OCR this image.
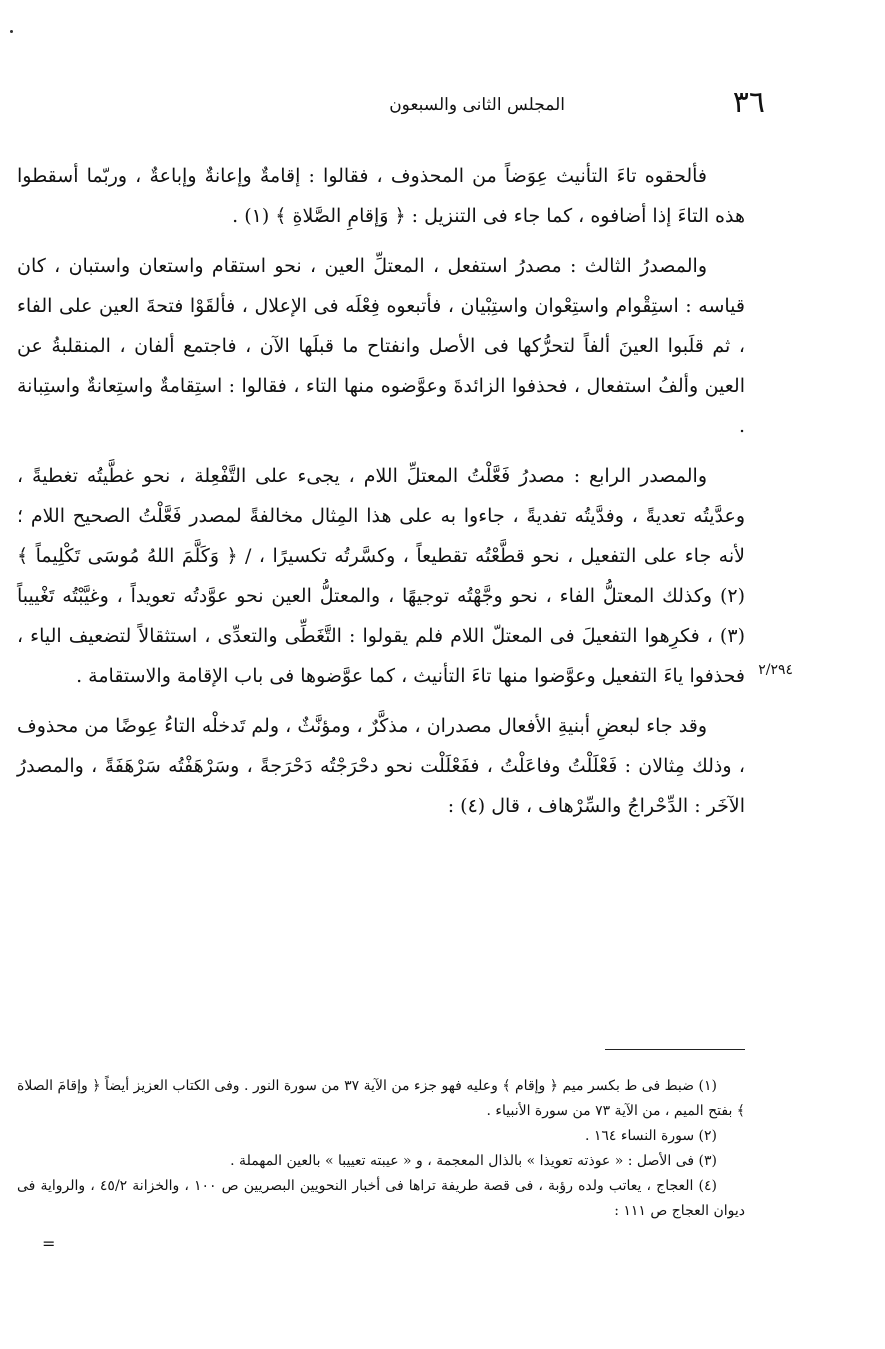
٣٦
المجلس الثانى والسبعون

فألحقوه تاءَ التأنيث عِوَضاً من المحذوف ، فقالوا : إقامةٌ وإعانةٌ وإباعةٌ ، وربّما أسقطوا هذه التاءَ إذا أضافوه ، كما جاء فى التنزيل : ﴿ وَإقامِ الصَّلاةِ ﴾ (١) .

والمصدرُ الثالث : مصدرُ استفعل ، المعتلِّ العين ، نحو استقام واستعان واستبان ، كان قياسه : استِقْوام واستِعْوان واستِبْيان ، فأتبعوه فِعْلَه فى الإعلال ، فألقَوْا فتحةَ العين على الفاء ، ثم قلَبوا العينَ ألفاً لتحرُّكها فى الأصل وانفتاح ما قبلَها الآن ، فاجتمع ألفان ، المنقلبةُ عن العين وألفُ استفعال ، فحذفوا الزائدةَ وعوَّضوه منها التاء ، فقالوا : استِقامةٌ واستِعانةٌ واستِبانة .

والمصدر الرابع : مصدرُ فَعَّلْتُ المعتلِّ اللام ، يجىء على التَّفْعِلة ، نحو غطَّيتُه تغطيةً ، وعدَّيتُه تعديةً ، وفدَّيتُه تفديةً ، جاءوا به على هذا المِثال مخالفةً لمصدر فَعَّلْتُ الصحيح اللام ؛ لأنه جاء على التفعيل ، نحو قطَّعْتُه تقطيعاً ، وكسَّرتُه تكسيرًا ، / ﴿ وَكَلَّمَ اللهُ مُوسَى تَكْلِيماً ﴾ (٢) وكذلك المعتلُّ الفاء ، نحو وجَّهْتُه توجيهًا ، والمعتلُّ العين نحو عوَّدتُه تعويداً ، وغيَّبْتُه تَغْييباً (٣) ، فكرِهوا التفعيلَ فى المعتلّ اللام فلم يقولوا : التَّغَطِّى والتعدِّى ، استثقالاً لتضعيف الياء ، فحذفوا ياءَ التفعيل وعوَّضوا منها تاءَ التأنيث ، كما عوَّضوها فى باب الإقامة والاستقامة .

وقد جاء لبعضِ أبنيةِ الأفعال مصدران ، مذكَّرٌ ، ومؤنَّثٌ ، ولم تَدخلْه التاءُ عِوضًا من محذوف ، وذلك مِثالان : فَعْلَلْتُ وفاعَلْتُ ، ففَعْلَلْت نحو دحْرَجْتُه دَحْرَجةً ، وسَرْهَفْتُه سَرْهَفَةً ، والمصدرُ الآخَر : الدِّحْراجُ والسِّرْهاف ، قال (٤) :

٢/٢٩٤

(١) ضبط فى ط بكسر ميم ﴿ وإقام ﴾ وعليه فهو جزء من الآية ٣٧ من سورة النور . وفى الكتاب العزيز أيضاً ﴿ وإقامَ الصلاة ﴾ بفتح الميم ، من الآية ٧٣ من سورة الأنبياء .

(٢) سورة النساء ١٦٤ .

(٣) فى الأصل : « عوذته تعويذا » بالذال المعجمة ، و « عيبته تعييبا » بالعين المهملة .

(٤) العجاج ، يعاتب ولده رؤبة ، فى قصة طريفة تراها فى أخبار النحويين البصريين ص ١٠٠ ، والخزانة ٤٥/٢ ، والرواية فى ديوان العجاج ص ١١١ :

=
